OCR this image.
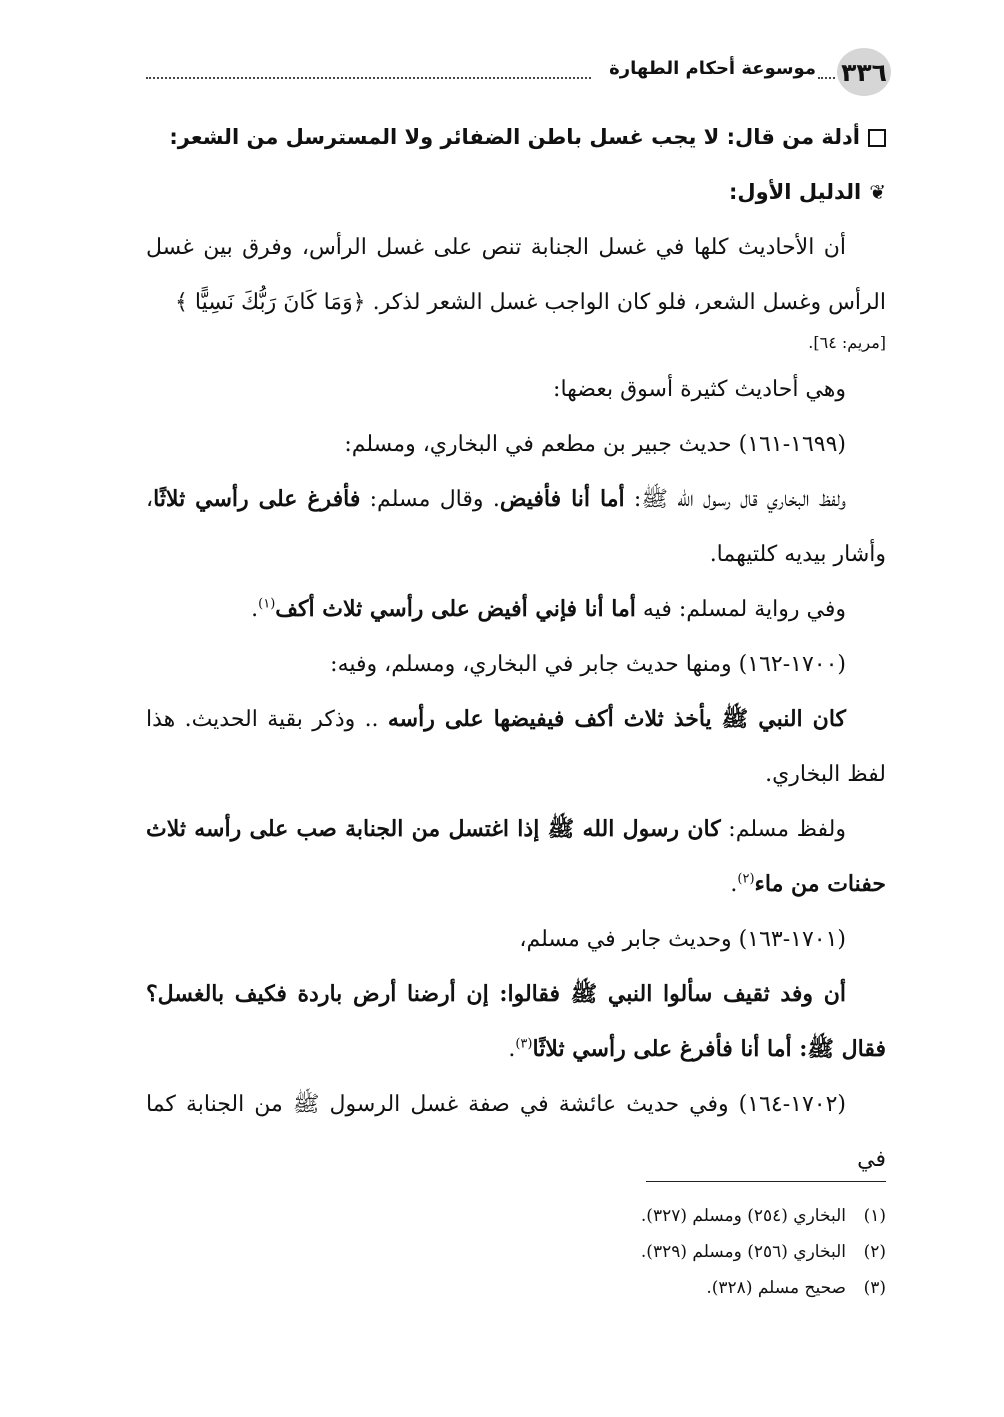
٣٣٦
موسوعة أحكام الطهارة

أدلة من قال: لا يجب غسل باطن الضفائر ولا المسترسل من الشعر:

❦الدليل الأول:

أن الأحاديث كلها في غسل الجنابة تنص على غسل الرأس، وفرق بين غسل الرأس وغسل الشعر، فلو كان الواجب غسل الشعر لذكر. ﴿وَمَا كَانَ رَبُّكَ نَسِيًّا ﴾

[مريم: ٦٤].

وهي أحاديث كثيرة أسوق بعضها:

(١٦٩٩-١٦١) حديث جبير بن مطعم في البخاري، ومسلم:

ولفظ البخاري قال رسول الله ﷺ: أما أنا فأفيض. وقال مسلم: فأفرغ على رأسي ثلاثًا، وأشار بيديه كلتيهما.

وفي رواية لمسلم: فيه أما أنا فإني أفيض على رأسي ثلاث أكف$^{(١)}$.

(١٧٠٠-١٦٢) ومنها حديث جابر في البخاري، ومسلم، وفيه:

كان النبي ﷺ يأخذ ثلاث أكف فيفيضها على رأسه .. وذكر بقية الحديث. هذا لفظ البخاري.

ولفظ مسلم: كان رسول الله ﷺ إذا اغتسل من الجنابة صب على رأسه ثلاث حفنات من ماء$^{(٢)}$.

(١٧٠١-١٦٣) وحديث جابر في مسلم،

أن وفد ثقيف سألوا النبي ﷺ فقالوا: إن أرضنا أرض باردة فكيف بالغسل؟ فقال ﷺ: أما أنا فأفرغ على رأسي ثلاثًا$^{(٣)}$.

(١٧٠٢-١٦٤) وفي حديث عائشة في صفة غسل الرسول ﷺ من الجنابة كما في

(١)البخاري (٢٥٤) ومسلم (٣٢٧).
(٢)البخاري (٢٥٦) ومسلم (٣٢٩).
(٣)صحيح مسلم (٣٢٨).
